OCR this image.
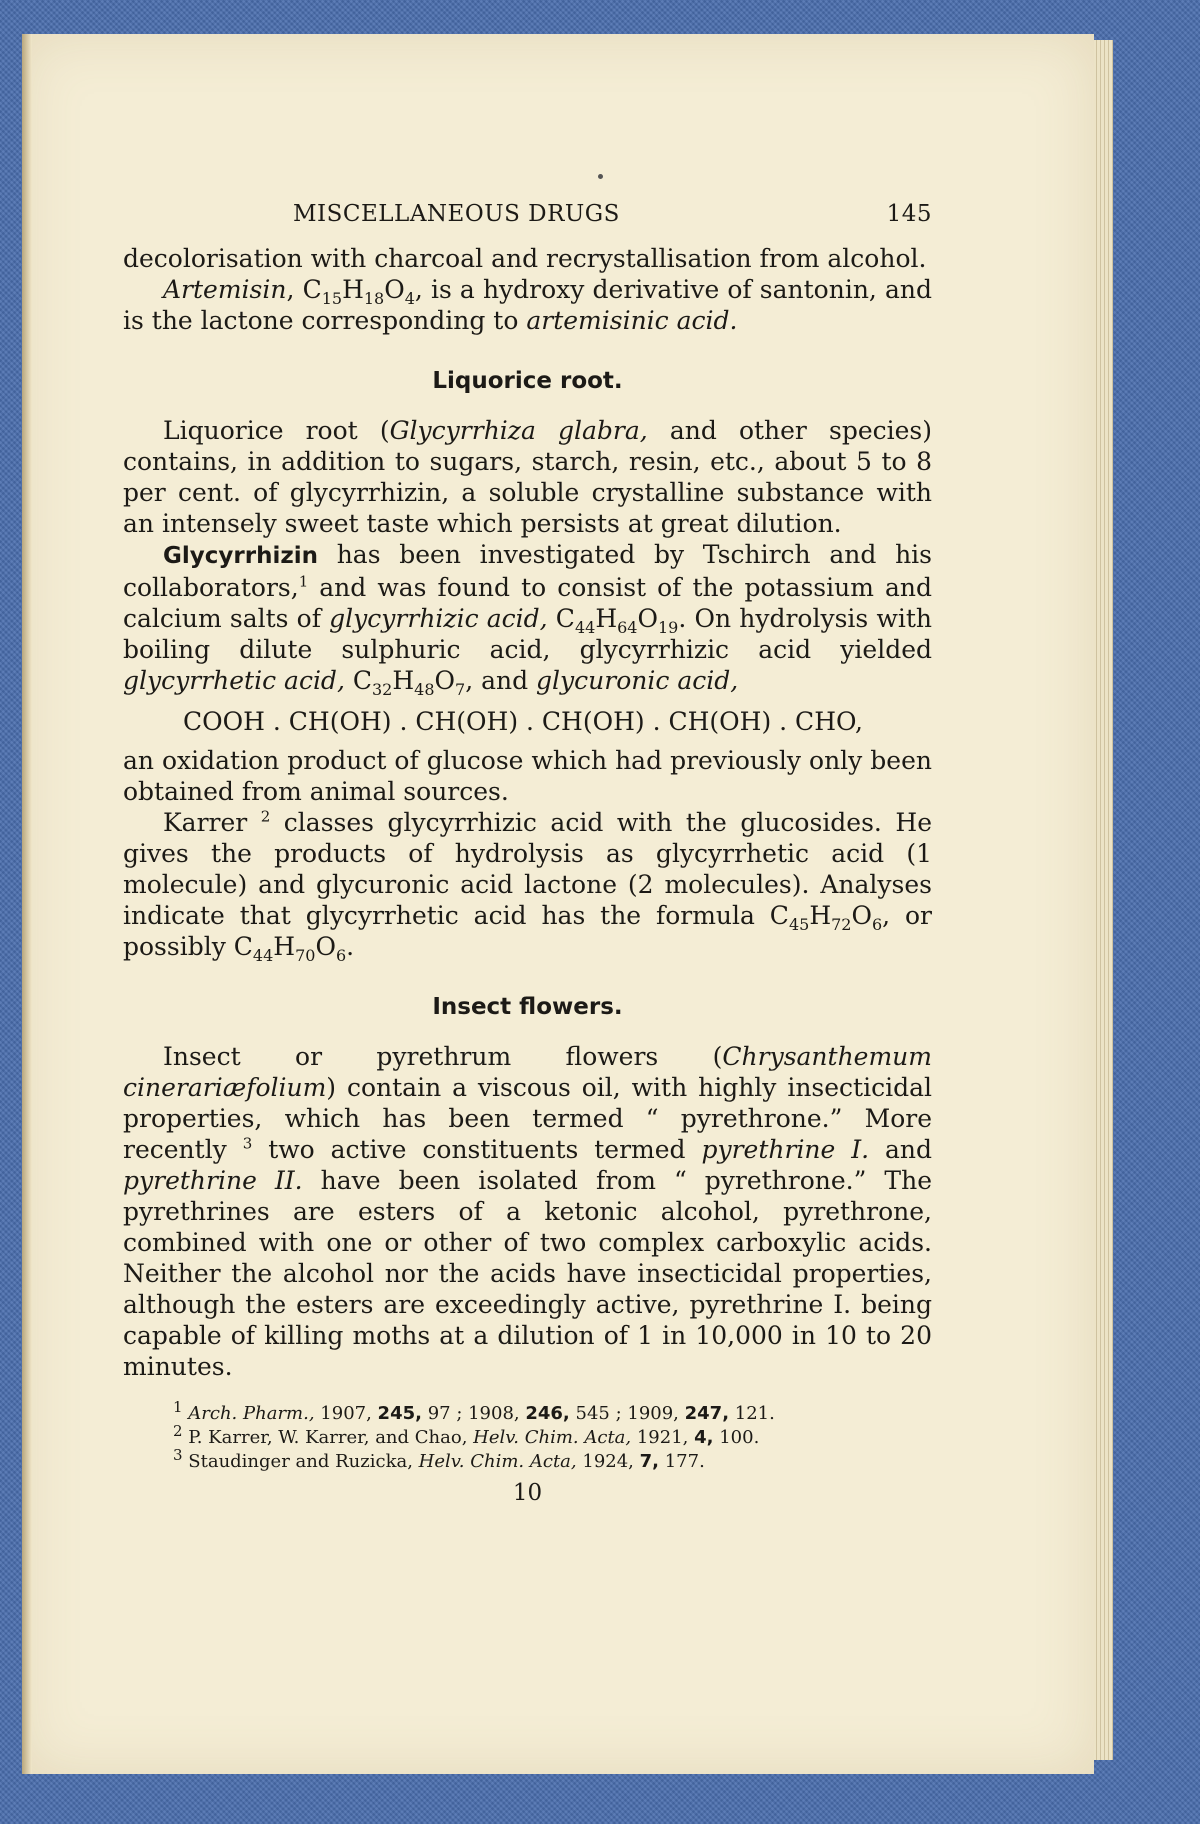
MISCELLANEOUS DRUGS	145

decolorisation with charcoal and recrystallisation from alcohol.

Artemisin, $C_{15}H_{18}O_4$, is a hydroxy derivative of santonin, and is the lactone corresponding to artemisinic acid.

Liquorice root.

Liquorice root (Glycyrrhiza glabra, and other species) contains, in addition to sugars, starch, resin, etc., about 5 to 8 per cent. of glycyrrhizin, a soluble crystalline substance with an intensely sweet taste which persists at great dilution.

Glycyrrhizin has been investigated by Tschirch and his collaborators,$^1$ and was found to consist of the potassium and calcium salts of glycyrrhizic acid, $C_{44}H_{64}O_{19}$. On hydrolysis with boiling dilute sulphuric acid, glycyrrhizic acid yielded glycyrrhetic acid, $C_{32}H_{48}O_7$, and glycuronic acid,

COOH . CH(OH) . CH(OH) . CH(OH) . CH(OH) . CHO,

an oxidation product of glucose which had previously only been obtained from animal sources.

Karrer $^2$ classes glycyrrhizic acid with the glucosides. He gives the products of hydrolysis as glycyrrhetic acid (1 molecule) and glycuronic acid lactone (2 molecules). Analyses indicate that glycyrrhetic acid has the formula $C_{45}H_{72}O_6$, or possibly $C_{44}H_{70}O_6$.

Insect flowers.

Insect or pyrethrum flowers (Chrysanthemum cinerariæfolium) contain a viscous oil, with highly insecticidal properties, which has been termed “ pyrethrone.” More recently $^3$ two active constituents termed pyrethrine I. and pyrethrine II. have been isolated from “ pyrethrone.” The pyrethrines are esters of a ketonic alcohol, pyrethrone, combined with one or other of two complex carboxylic acids. Neither the alcohol nor the acids have insecticidal properties, although the esters are exceedingly active, pyrethrine I. being capable of killing moths at a dilution of 1 in 10,000 in 10 to 20 minutes.

$^1$ Arch. Pharm., 1907, 245, 97 ; 1908, 246, 545 ; 1909, 247, 121.
$^2$ P. Karrer, W. Karrer, and Chao, Helv. Chim. Acta, 1921, 4, 100.
$^3$ Staudinger and Ruzicka, Helv. Chim. Acta, 1924, 7, 177.
10
